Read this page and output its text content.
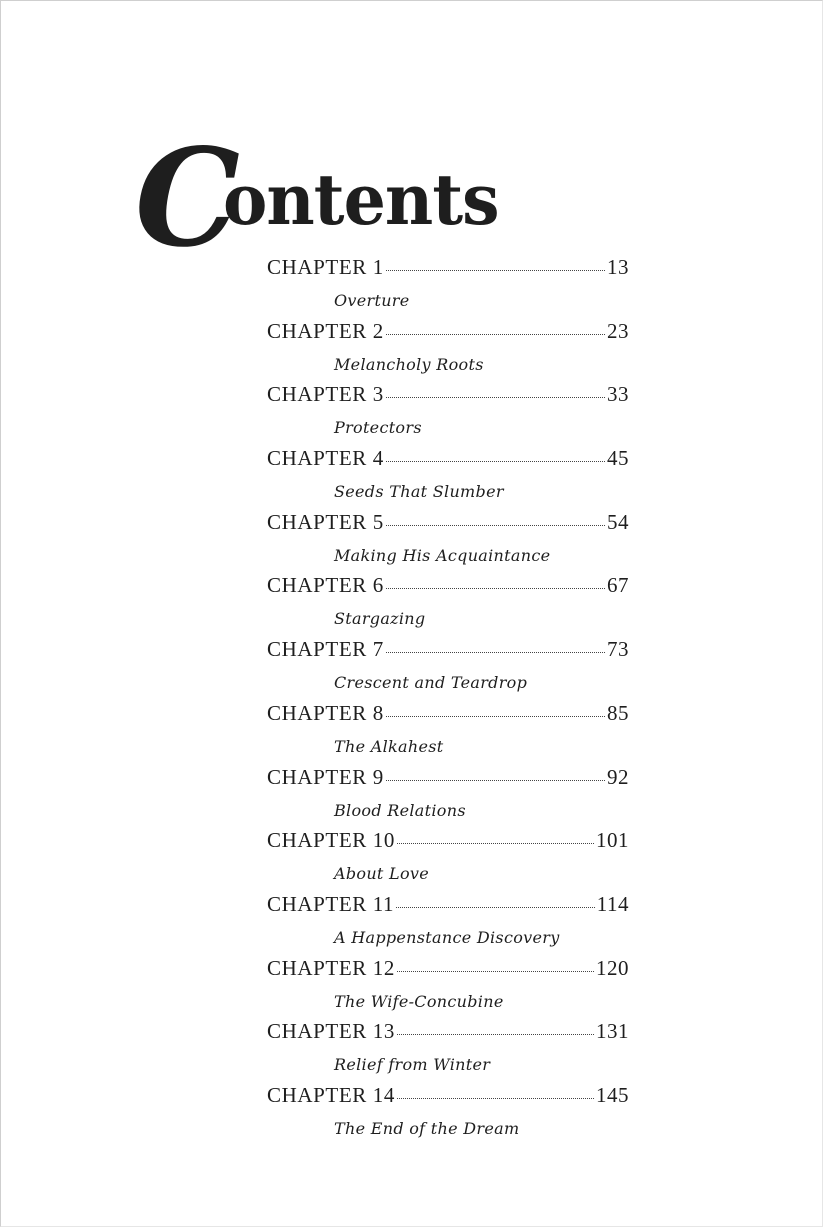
C
ontents
CHAPTER 1	13
Overture
CHAPTER 2	23
Melancholy Roots
CHAPTER 3	33
Protectors
CHAPTER 4	45
Seeds That Slumber
CHAPTER 5	54
Making His Acquaintance
CHAPTER 6	67
Stargazing
CHAPTER 7	73
Crescent and Teardrop
CHAPTER 8	85
The Alkahest
CHAPTER 9	92
Blood Relations
CHAPTER 10	101
About Love
CHAPTER 11	114
A Happenstance Discovery
CHAPTER 12	120
The Wife-Concubine
CHAPTER 13	131
Relief from Winter
CHAPTER 14	145
The End of the Dream
